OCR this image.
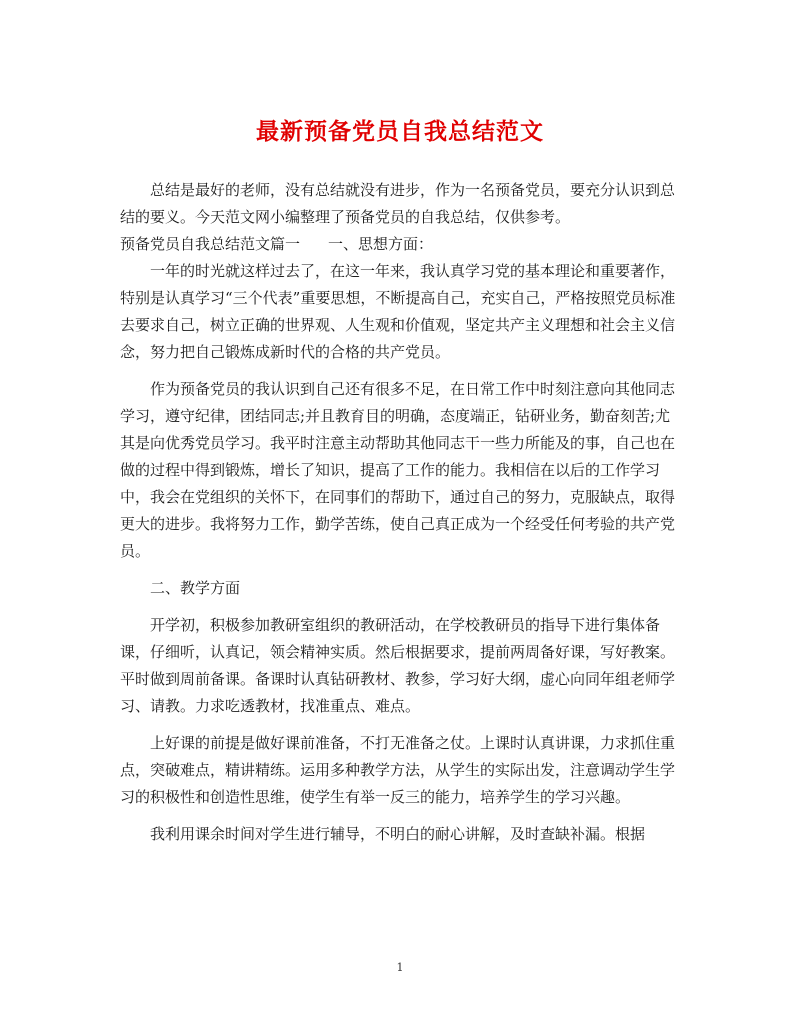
最新预备党员自我总结范文

总结是最好的老师，没有总结就没有进步，作为一名预备党员，要充分认识到总结的要义。今天范文网小编整理了预备党员的自我总结，仅供参考。

预备党员自我总结范文篇一 一、思想方面：

一年的时光就这样过去了，在这一年来，我认真学习党的基本理论和重要著作，特别是认真学习“三个代表”重要思想，不断提高自己，充实自己，严格按照党员标准去要求自己，树立正确的世界观、人生观和价值观，坚定共产主义理想和社会主义信念，努力把自己锻炼成新时代的合格的共产党员。

作为预备党员的我认识到自己还有很多不足，在日常工作中时刻注意向其他同志学习，遵守纪律，团结同志;并且教育目的明确，态度端正，钻研业务，勤奋刻苦;尤其是向优秀党员学习。我平时注意主动帮助其他同志干一些力所能及的事，自己也在做的过程中得到锻炼，增长了知识，提高了工作的能力。我相信在以后的工作学习中，我会在党组织的关怀下，在同事们的帮助下，通过自己的努力，克服缺点，取得更大的进步。我将努力工作，勤学苦练，使自己真正成为一个经受任何考验的共产党员。

二、教学方面

开学初，积极参加教研室组织的教研活动，在学校教研员的指导下进行集体备课，仔细听，认真记，领会精神实质。然后根据要求，提前两周备好课，写好教案。平时做到周前备课。备课时认真钻研教材、教参，学习好大纲，虚心向同年组老师学习、请教。力求吃透教材，找准重点、难点。

上好课的前提是做好课前准备，不打无准备之仗。上课时认真讲课，力求抓住重点，突破难点，精讲精练。运用多种教学方法，从学生的实际出发，注意调动学生学习的积极性和创造性思维，使学生有举一反三的能力，培养学生的学习兴趣。

我利用课余时间对学生进行辅导，不明白的耐心讲解，及时查缺补漏。根据

1
